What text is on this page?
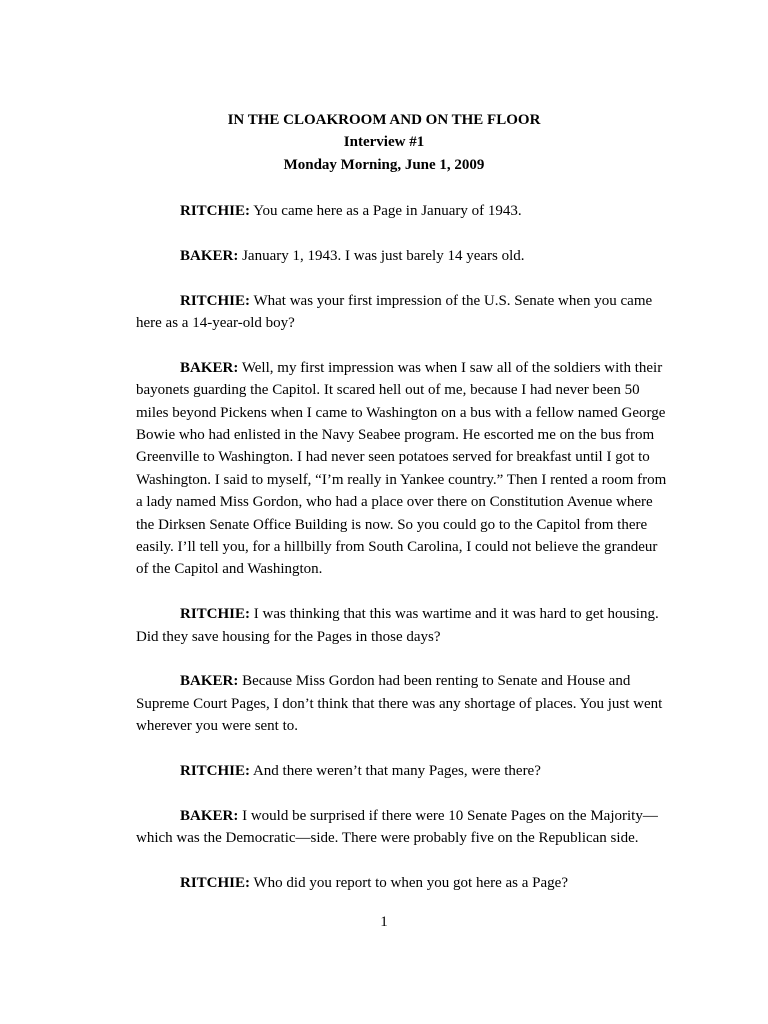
IN THE CLOAKROOM AND ON THE FLOOR
Interview #1
Monday Morning, June 1, 2009

RITCHIE: You came here as a Page in January of 1943.

BAKER: January 1, 1943. I was just barely 14 years old.

RITCHIE: What was your first impression of the U.S. Senate when you came here as a 14-year-old boy?

BAKER: Well, my first impression was when I saw all of the soldiers with their bayonets guarding the Capitol. It scared hell out of me, because I had never been 50 miles beyond Pickens when I came to Washington on a bus with a fellow named George Bowie who had enlisted in the Navy Seabee program. He escorted me on the bus from Greenville to Washington. I had never seen potatoes served for breakfast until I got to Washington. I said to myself, “I’m really in Yankee country.” Then I rented a room from a lady named Miss Gordon, who had a place over there on Constitution Avenue where the Dirksen Senate Office Building is now. So you could go to the Capitol from there easily. I’ll tell you, for a hillbilly from South Carolina, I could not believe the grandeur of the Capitol and Washington.

RITCHIE: I was thinking that this was wartime and it was hard to get housing. Did they save housing for the Pages in those days?

BAKER: Because Miss Gordon had been renting to Senate and House and Supreme Court Pages, I don’t think that there was any shortage of places. You just went wherever you were sent to.

RITCHIE: And there weren’t that many Pages, were there?

BAKER: I would be surprised if there were 10 Senate Pages on the Majority—which was the Democratic—side. There were probably five on the Republican side.

RITCHIE: Who did you report to when you got here as a Page?

1
